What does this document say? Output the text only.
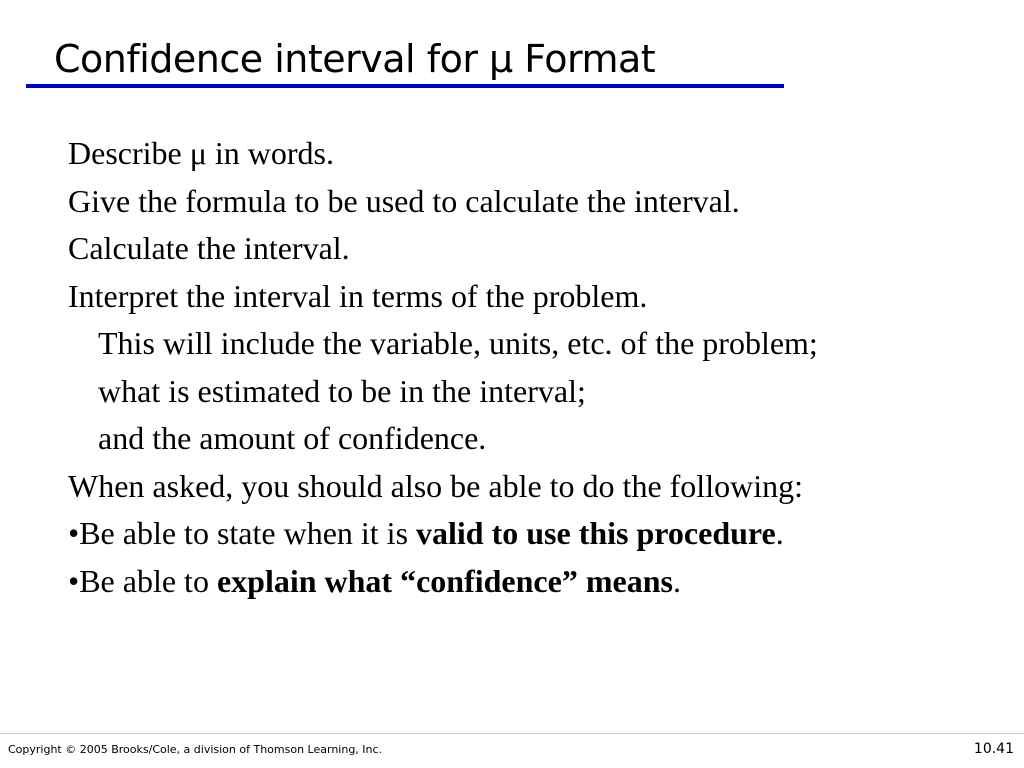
Confidence interval for μ Format
Describe μ in words.
Give the formula to be used to calculate the interval.
Calculate the interval.
Interpret the interval in terms of the problem.
This will include the variable, units, etc. of the problem;
what is estimated to be in the interval;
and the amount of confidence.
When asked, you should also be able to do the following:
•Be able to state when it is valid to use this procedure.
•Be able to explain what “confidence” means.
Copyright © 2005 Brooks/Cole, a division of Thomson Learning, Inc.	10.41
